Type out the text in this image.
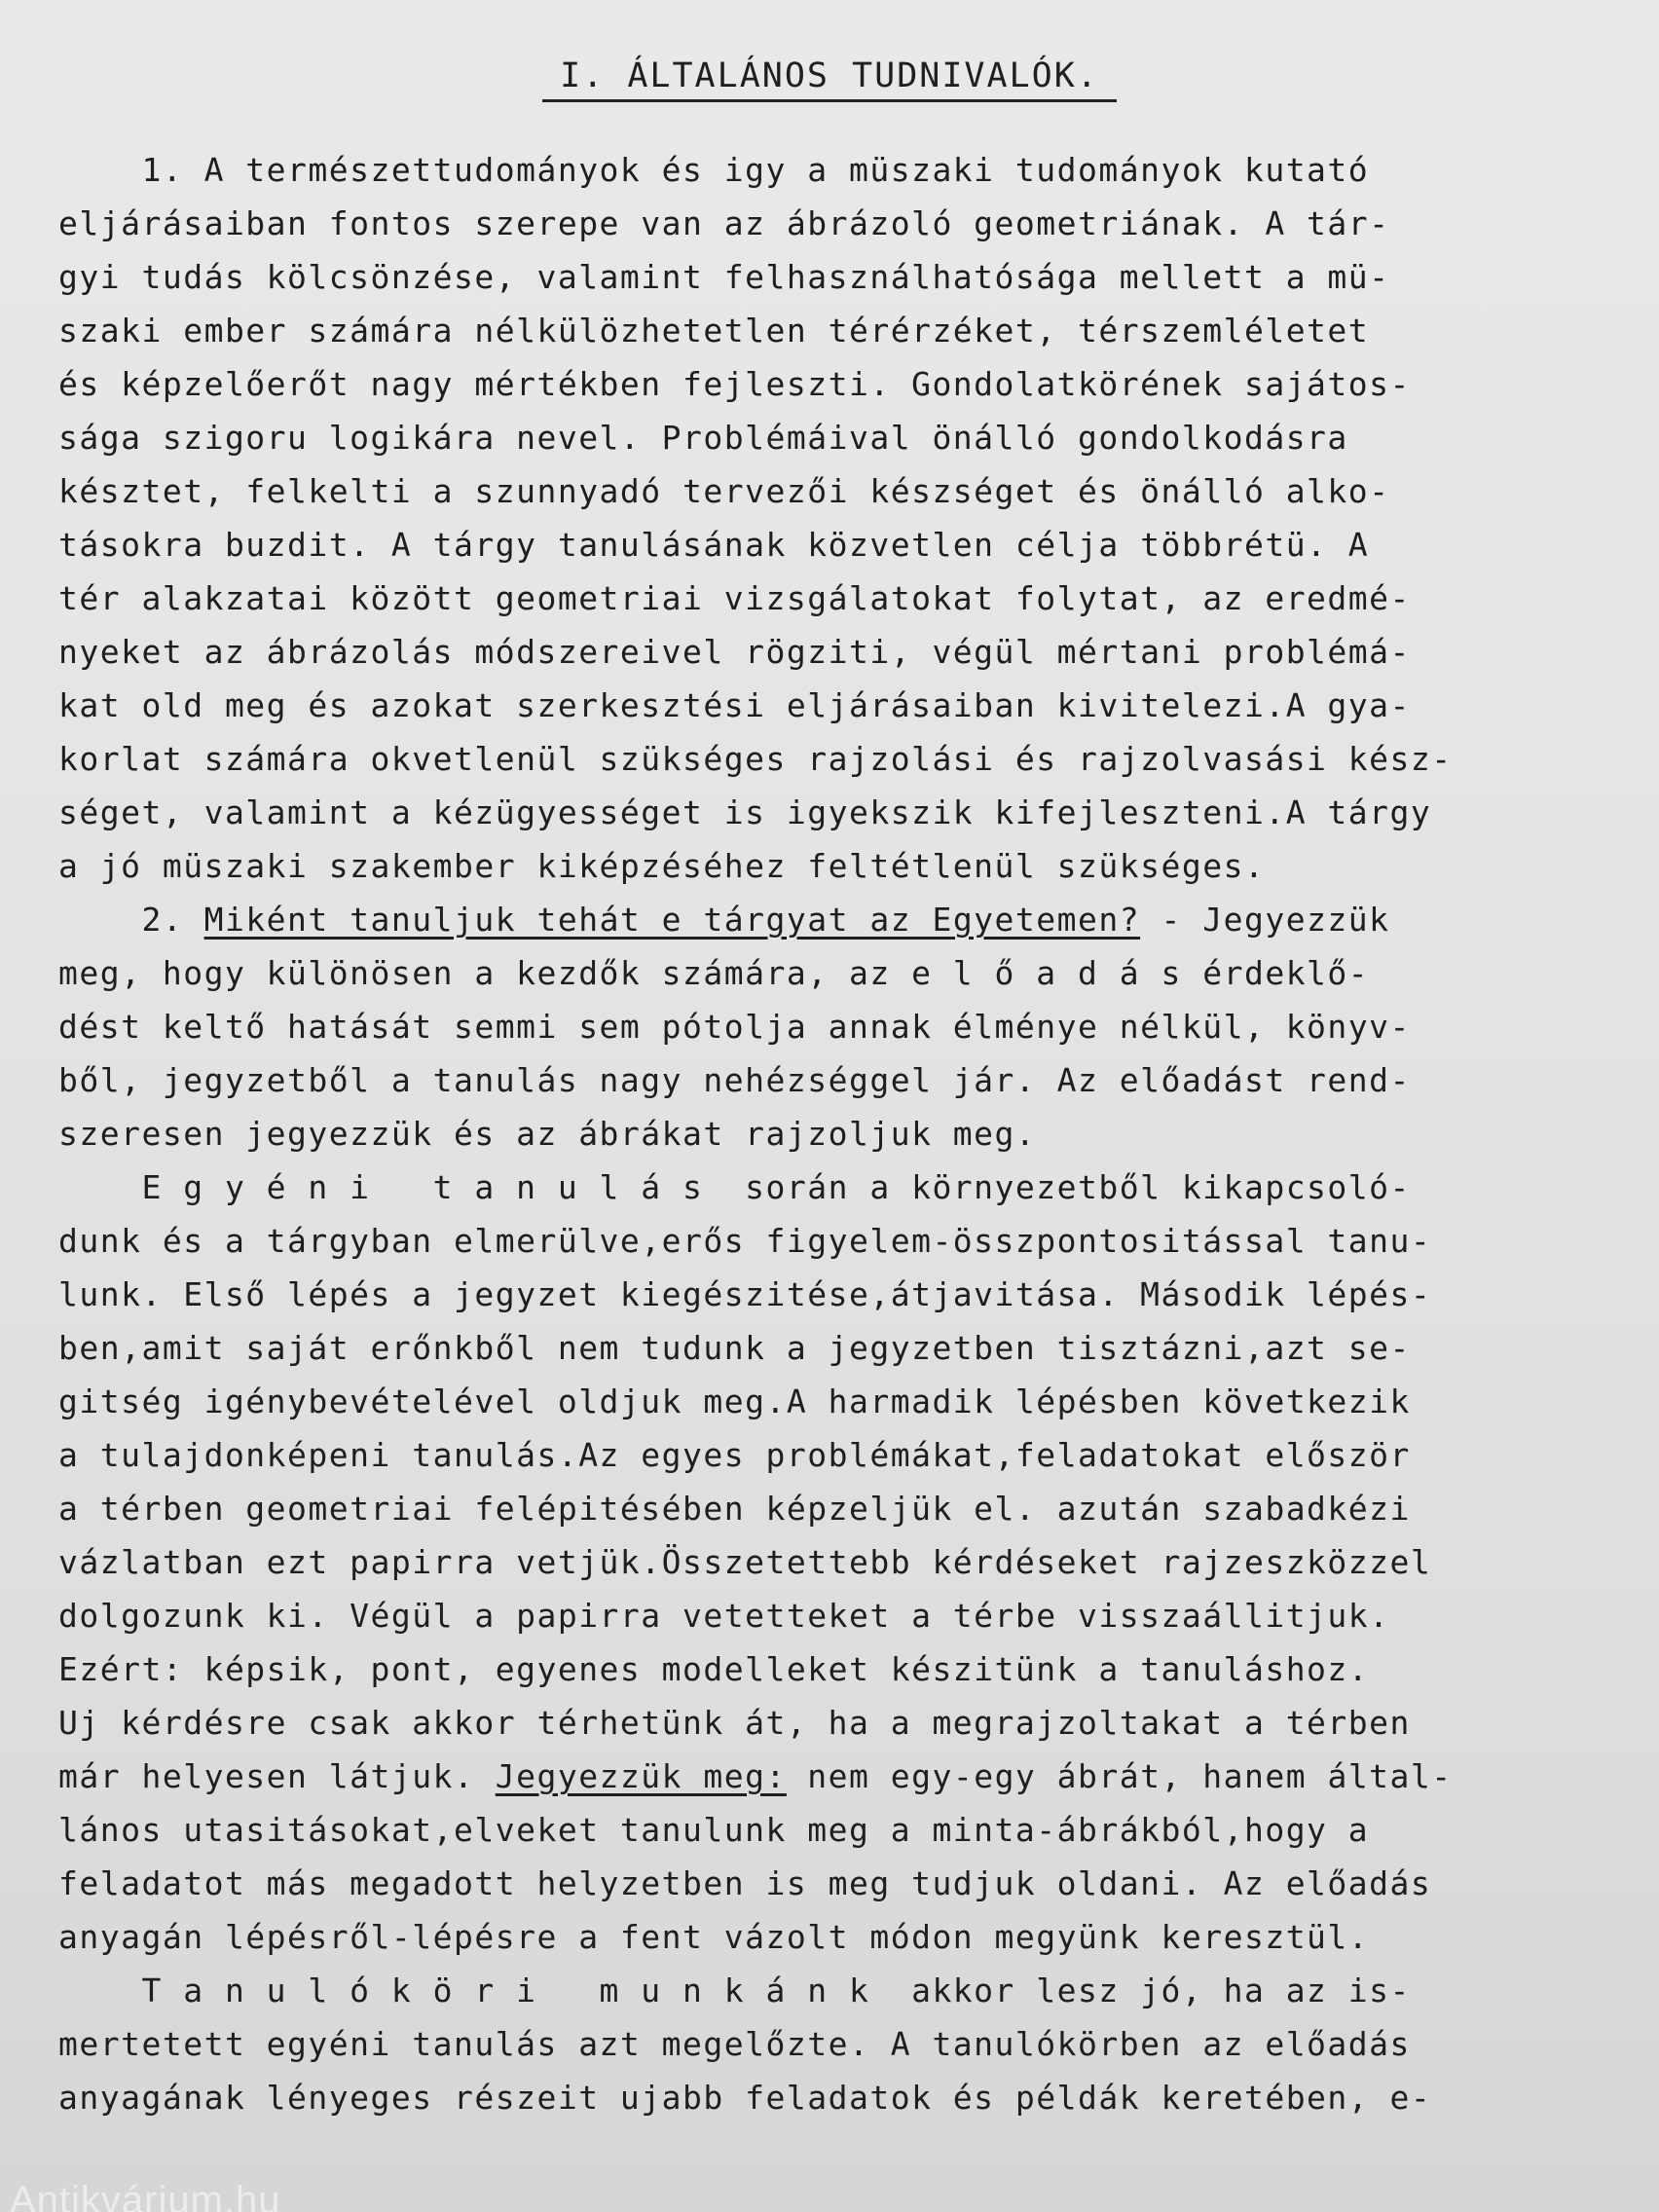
I. ÁLTALÁNOS TUDNIVALÓK.
1. A természettudományok és igy a müszaki tudományok kutató
eljárásaiban fontos szerepe van az ábrázoló geometriának. A tár-
gyi tudás kölcsönzése, valamint felhasználhatósága mellett a mü-
szaki ember számára nélkülözhetetlen térérzéket, térszemléletet
és képzelőerőt nagy mértékben fejleszti. Gondolatkörének sajátos-
sága szigoru logikára nevel. Problémáival önálló gondolkodásra
késztet, felkelti a szunnyadó tervezői készséget és önálló alko-
tásokra buzdit. A tárgy tanulásának közvetlen célja többrétü. A
tér alakzatai között geometriai vizsgálatokat folytat, az eredmé-
nyeket az ábrázolás módszereivel rögziti, végül mértani problémá-
kat old meg és azokat szerkesztési eljárásaiban kivitelezi.A gya-
korlat számára okvetlenül szükséges rajzolási és rajzolvasási kész-
séget, valamint a kézügyességet is igyekszik kifejleszteni.A tárgy
a jó müszaki szakember kiképzéséhez feltétlenül szükséges.
2. Miként tanuljuk tehát e tárgyat az Egyetemen? - Jegyezzük
meg, hogy különösen a kezdők számára, az e l ő a d á s érdeklő-
dést keltő hatását semmi sem pótolja annak élménye nélkül, könyv-
ből, jegyzetből a tanulás nagy nehézséggel jár. Az előadást rend-
szeresen jegyezzük és az ábrákat rajzoljuk meg.
E g y é n i   t a n u l á s  során a környezetből kikapcsoló-
dunk és a tárgyban elmerülve,erős figyelem-összpontositással tanu-
lunk. Első lépés a jegyzet kiegészitése,átjavitása. Második lépés-
ben,amit saját erőnkből nem tudunk a jegyzetben tisztázni,azt se-
gitség igénybevételével oldjuk meg.A harmadik lépésben következik
a tulajdonképeni tanulás.Az egyes problémákat,feladatokat először
a térben geometriai felépitésében képzeljük el. azután szabadkézi
vázlatban ezt papirra vetjük.Összetettebb kérdéseket rajzeszközzel
dolgozunk ki. Végül a papirra vetetteket a térbe visszaállitjuk.
Ezért: képsik, pont, egyenes modelleket készitünk a tanuláshoz.
Uj kérdésre csak akkor térhetünk át, ha a megrajzoltakat a térben
már helyesen látjuk. Jegyezzük meg: nem egy-egy ábrát, hanem által-
lános utasitásokat,elveket tanulunk meg a minta-ábrákból,hogy a
feladatot más megadott helyzetben is meg tudjuk oldani. Az előadás
anyagán lépésről-lépésre a fent vázolt módon megyünk keresztül.
T a n u l ó k ö r i   m u n k á n k  akkor lesz jó, ha az is-
mertetett egyéni tanulás azt megelőzte. A tanulókörben az előadás
anyagának lényeges részeit ujabb feladatok és példák keretében, e-
Antikvárium.hu
